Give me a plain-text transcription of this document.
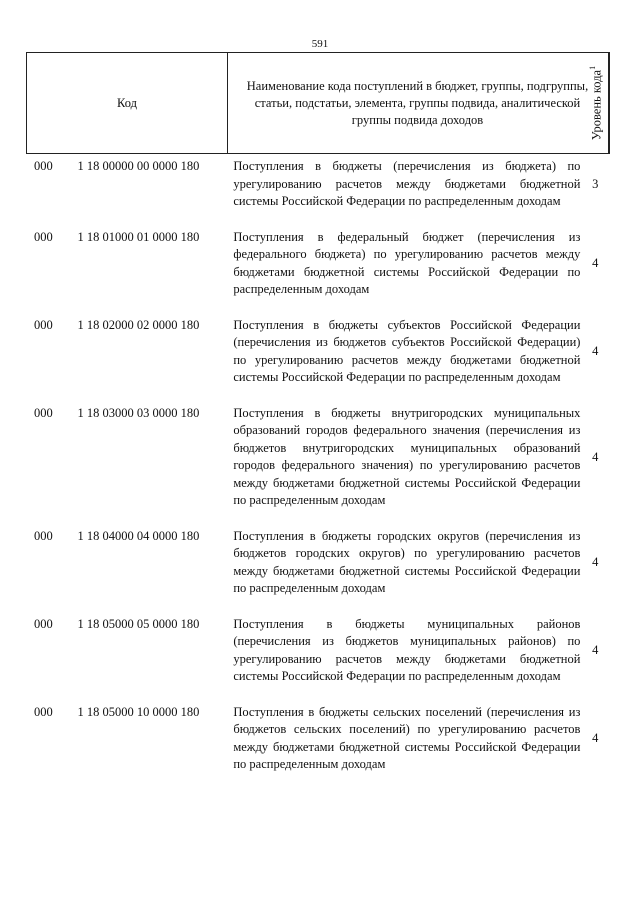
591
Код
Наименование кода поступлений в бюджет, группы, подгруппы, статьи, подстатьи, элемента, группы подвида, аналитической группы подвида доходов	Уровень кода$^1$
000	1 18 00000 00 0000 180	Поступления в бюджеты (перечисления из бюджета) по урегулированию расчетов между бюджетами бюджетной системы Российской Федерации по распределенным доходам
3
000	1 18 01000 01 0000 180	Поступления в федеральный бюджет (перечисления из федерального бюджета) по урегулированию расчетов между бюджетами бюджетной системы Российской Федерации по распределенным доходам
4
000	1 18 02000 02 0000 180	Поступления в бюджеты субъектов Российской Федерации (перечисления из бюджетов субъектов Российской Федерации) по урегулированию расчетов между бюджетами бюджетной системы Российской Федерации по распределенным доходам
4
000	1 18 03000 03 0000 180	Поступления в бюджеты внутригородских муниципальных образований городов федерального значения (перечисления из бюджетов внутригородских муниципальных образований городов федерального значения) по урегулированию расчетов между бюджетами бюджетной системы Российской Федерации по распределенным доходам
4
000	1 18 04000 04 0000 180	Поступления в бюджеты городских округов (перечисления из бюджетов городских округов) по урегулированию расчетов между бюджетами бюджетной системы Российской Федерации по распределенным доходам
4
000	1 18 05000 05 0000 180	Поступления в бюджеты муниципальных районов (перечисления из бюджетов муниципальных районов) по урегулированию расчетов между бюджетами бюджетной системы Российской Федерации по распределенным доходам
4
000	1 18 05000 10 0000 180	Поступления в бюджеты сельских поселений (перечисления из бюджетов сельских поселений) по урегулированию расчетов между бюджетами бюджетной системы Российской Федерации по распределенным доходам
4
